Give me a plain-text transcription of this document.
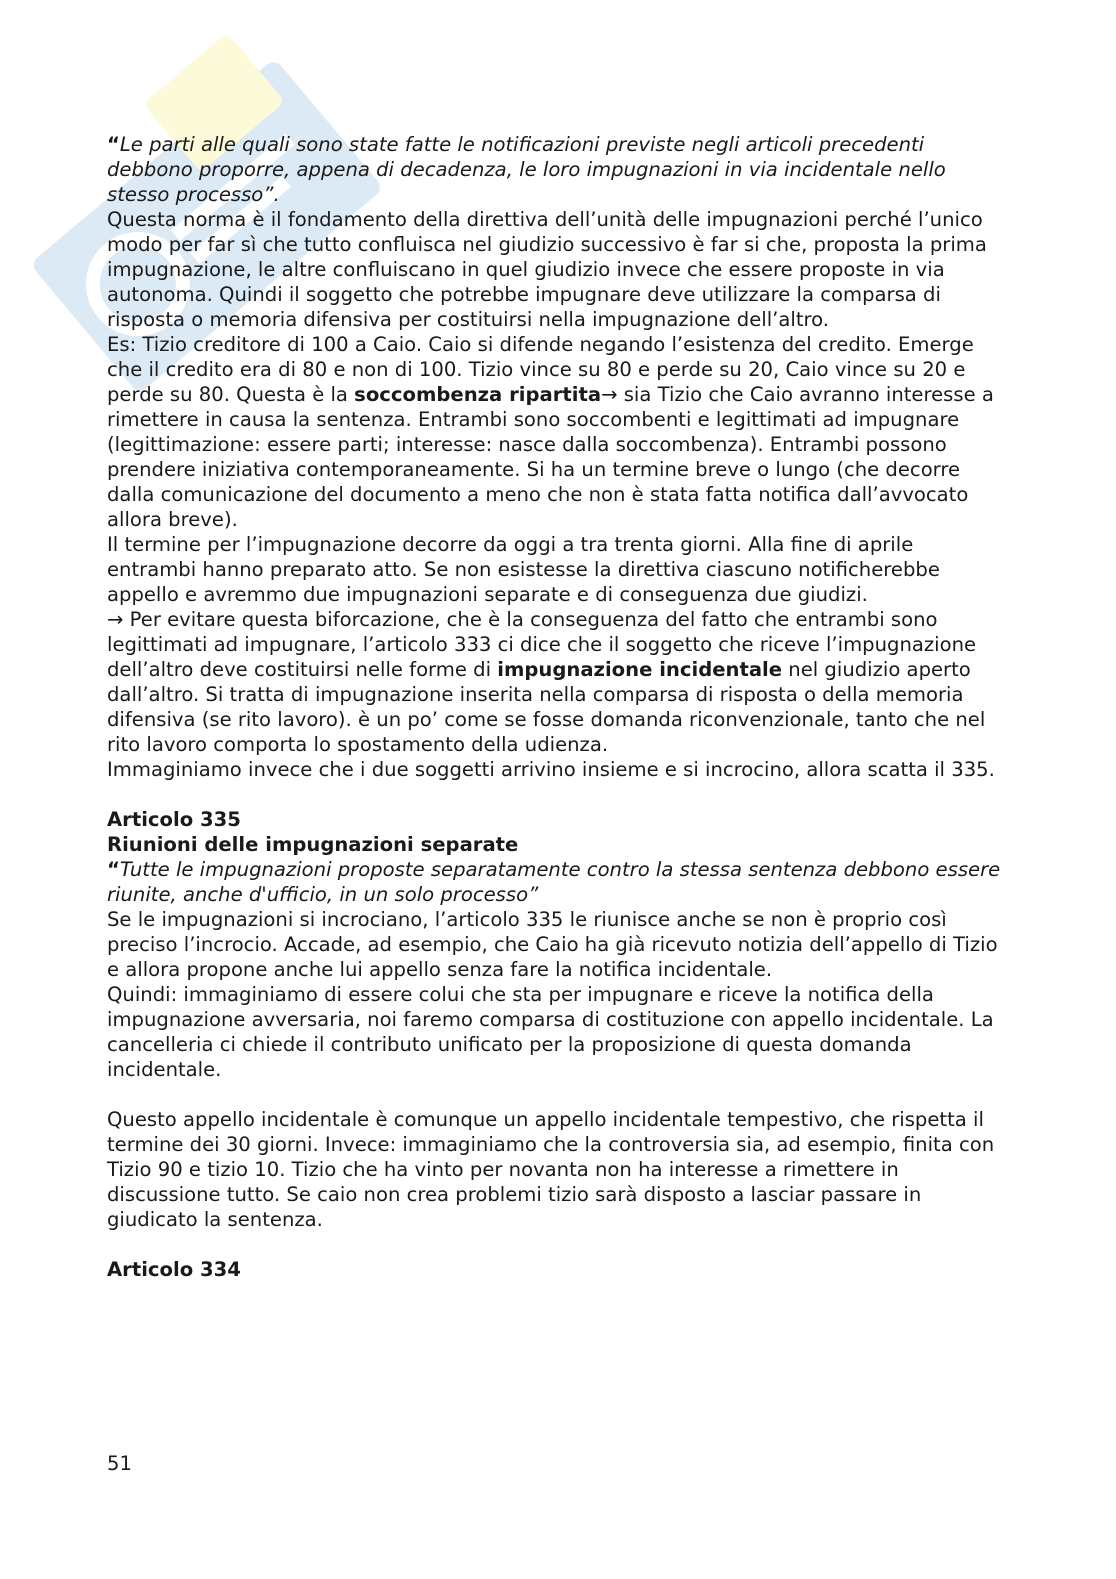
“Le parti alle quali sono state fatte le notificazioni previste negli articoli precedenti debbono proporre, appena di decadenza, le loro impugnazioni in via incidentale nello stesso processo”.

Questa norma è il fondamento della direttiva dell’unità delle impugnazioni perché l’unico modo per far sì che tutto confluisca nel giudizio successivo è far si che, proposta la prima impugnazione, le altre confluiscano in quel giudizio invece che essere proposte in via autonoma. Quindi il soggetto che potrebbe impugnare deve utilizzare la comparsa di risposta o memoria difensiva per costituirsi nella impugnazione dell’altro.

Es: Tizio creditore di 100 a Caio. Caio si difende negando l’esistenza del credito. Emerge che il credito era di 80 e non di 100. Tizio vince su 80 e perde su 20, Caio vince su 20 e perde su 80. Questa è la soccombenza ripartita→ sia Tizio che Caio avranno interesse a rimettere in causa la sentenza. Entrambi sono soccombenti e legittimati ad impugnare (legittimazione: essere parti; interesse: nasce dalla soccombenza). Entrambi possono prendere iniziativa contemporaneamente. Si ha un termine breve o lungo (che decorre dalla comunicazione del documento a meno che non è stata fatta notifica dall’avvocato allora breve).

Il termine per l’impugnazione decorre da oggi a tra trenta giorni. Alla fine di aprile entrambi hanno preparato atto. Se non esistesse la direttiva ciascuno notificherebbe appello e avremmo due impugnazioni separate e di conseguenza due giudizi.

→ Per evitare questa biforcazione, che è la conseguenza del fatto che entrambi sono legittimati ad impugnare, l’articolo 333 ci dice che il soggetto che riceve l’impugnazione dell’altro deve costituirsi nelle forme di impugnazione incidentale nel giudizio aperto dall’altro. Si tratta di impugnazione inserita nella comparsa di risposta o della memoria difensiva (se rito lavoro). è un po’ come se fosse domanda riconvenzionale, tanto che nel rito lavoro comporta lo spostamento della udienza.

Immaginiamo invece che i due soggetti arrivino insieme e si incrocino, allora scatta il 335.

Articolo 335

Riunioni delle impugnazioni separate

“Tutte le impugnazioni proposte separatamente contro la stessa sentenza debbono essere riunite, anche d'ufficio, in un solo processo”

Se le impugnazioni si incrociano, l’articolo 335 le riunisce anche se non è proprio così preciso l’incrocio. Accade, ad esempio, che Caio ha già ricevuto notizia dell’appello di Tizio e allora propone anche lui appello senza fare la notifica incidentale.

Quindi: immaginiamo di essere colui che sta per impugnare e riceve la notifica della impugnazione avversaria, noi faremo comparsa di costituzione con appello incidentale. La cancelleria ci chiede il contributo unificato per la proposizione di questa domanda incidentale.

Questo appello incidentale è comunque un appello incidentale tempestivo, che rispetta il termine dei 30 giorni. Invece: immaginiamo che la controversia sia, ad esempio, finita con Tizio 90 e tizio 10. Tizio che ha vinto per novanta non ha interesse a rimettere in discussione tutto. Se caio non crea problemi tizio sarà disposto a lasciar passare in giudicato la sentenza.

Articolo 334

51
